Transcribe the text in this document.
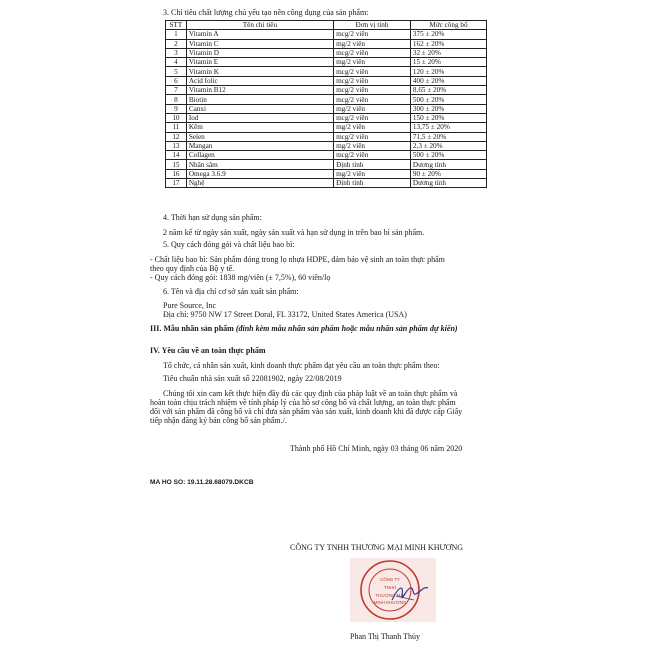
3. Chỉ tiêu chất lượng chủ yếu tạo nên công dụng của sản phẩm:
STT	Tên chỉ tiêu	Đơn vị tính	Mức công bố
1	Vitamin A	mcg/2 viên	375 ± 20%
2	Vitamin C	mg/2 viên	162 ± 20%
3	Vitamin D	mcg/2 viên	32 ± 20%
4	Vitamin E	mg/2 viên	15 ± 20%
5	Vitamin K	mcg/2 viên	120 ± 20%
6	Acid folic	mcg/2 viên	400 ± 20%
7	Vitamin B12	mcg/2 viên	8,65 ± 20%
8	Biotin	mcg/2 viên	500 ± 20%
9	Canxi	mg/2 viên	300 ± 20%
10	Iod	mcg/2 viên	150 ± 20%
11	Kẽm	mg/2 viên	13,75 ± 20%
12	Selen	mcg/2 viên	71,5 ± 20%
13	Mangan	mg/2 viên	2,3 ± 20%
14	Collagen	mcg/2 viên	500 ± 20%
15	Nhân sâm	Định tính	Dương tính
16	Omega 3.6.9	mg/2 viên	90 ± 20%
17	Nghệ	Định tính	Dương tính
4. Thời hạn sử dụng sản phẩm:
2 năm kể từ ngày sản xuất, ngày sản xuất và hạn sử dụng in trên bao bì sản phẩm.
5. Quy cách đóng gói và chất liệu bao bì:
- Chất liệu bao bì: Sản phẩm đóng trong lọ nhựa HDPE, đảm bảo vệ sinh an toàn thực phẩm
theo quy định của Bộ y tế.
- Quy cách đóng gói: 1838 mg/viên (± 7,5%), 60 viên/lọ
6. Tên và địa chỉ cơ sở sản xuất sản phẩm:
Pure Source, Inc
Địa chỉ: 9750 NW 17 Street Doral, FL 33172, United States America (USA)
III. Mẫu nhãn sản phẩm (đính kèm mẫu nhãn sản phẩm hoặc mẫu nhãn sản phẩm dự kiến)
IV. Yêu cầu về an toàn thực phẩm
Tổ chức, cá nhân sản xuất, kinh doanh thực phẩm đạt yêu cầu an toàn thực phẩm theo:
Tiêu chuẩn nhà sản xuất số 22081902, ngày 22/08/2019
Chúng tôi xin cam kết thực hiện đầy đủ các quy định của pháp luật về an toàn thực phẩm và
hoàn toàn chịu trách nhiệm về tính pháp lý của hồ sơ công bố và chất lượng, an toàn thực phẩm
đối với sản phẩm đã công bố và chỉ đưa sản phẩm vào sản xuất, kinh doanh khi đã được cấp Giấy
tiếp nhận đăng ký bản công bố sản phẩm./.
Thành phố Hồ Chí Minh, ngày 03 tháng 06 năm 2020
MA HO SO: 19.11.28.68079.DKCB
CÔNG TY TNHH THƯƠNG MẠI MINH KHƯƠNG
CÔNG TY
TNHH
THƯƠNG MẠI
MINH KHƯƠNG
Phan Thị Thanh Thủy
